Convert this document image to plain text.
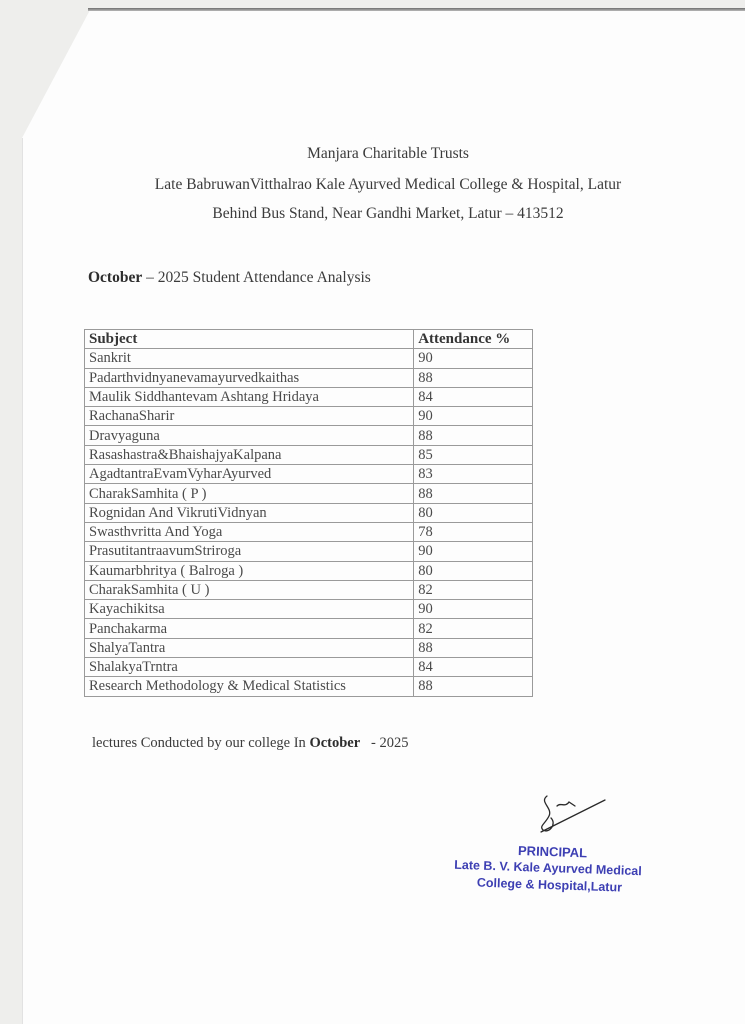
Manjara Charitable Trusts
Late BabruwanVitthalrao Kale Ayurved Medical College & Hospital, Latur
Behind Bus Stand, Near Gandhi Market, Latur – 413512
October – 2025 Student Attendance Analysis
Subject	Attendance %
Sankrit	90
Padarthvidnyanevamayurvedkaithas	88
Maulik Siddhantevam Ashtang Hridaya	84
RachanaSharir	90
Dravyaguna	88
Rasashastra&BhaishajyaKalpana	85
AgadtantraEvamVyharAyurved	83
CharakSamhita ( P )	88
Rognidan And VikrutiVidnyan	80
Swasthvritta And Yoga	78
PrasutitantraavumStriroga	90
Kaumarbhritya ( Balroga )	80
CharakSamhita ( U )	82
Kayachikitsa	90
Panchakarma	82
ShalyaTantra	88
ShalakyaTrntra	84
Research Methodology & Medical Statistics	88
lectures Conducted by our college In October   - 2025
PRINCIPAL
Late B. V. Kale Ayurved Medical
College & Hospital,Latur
